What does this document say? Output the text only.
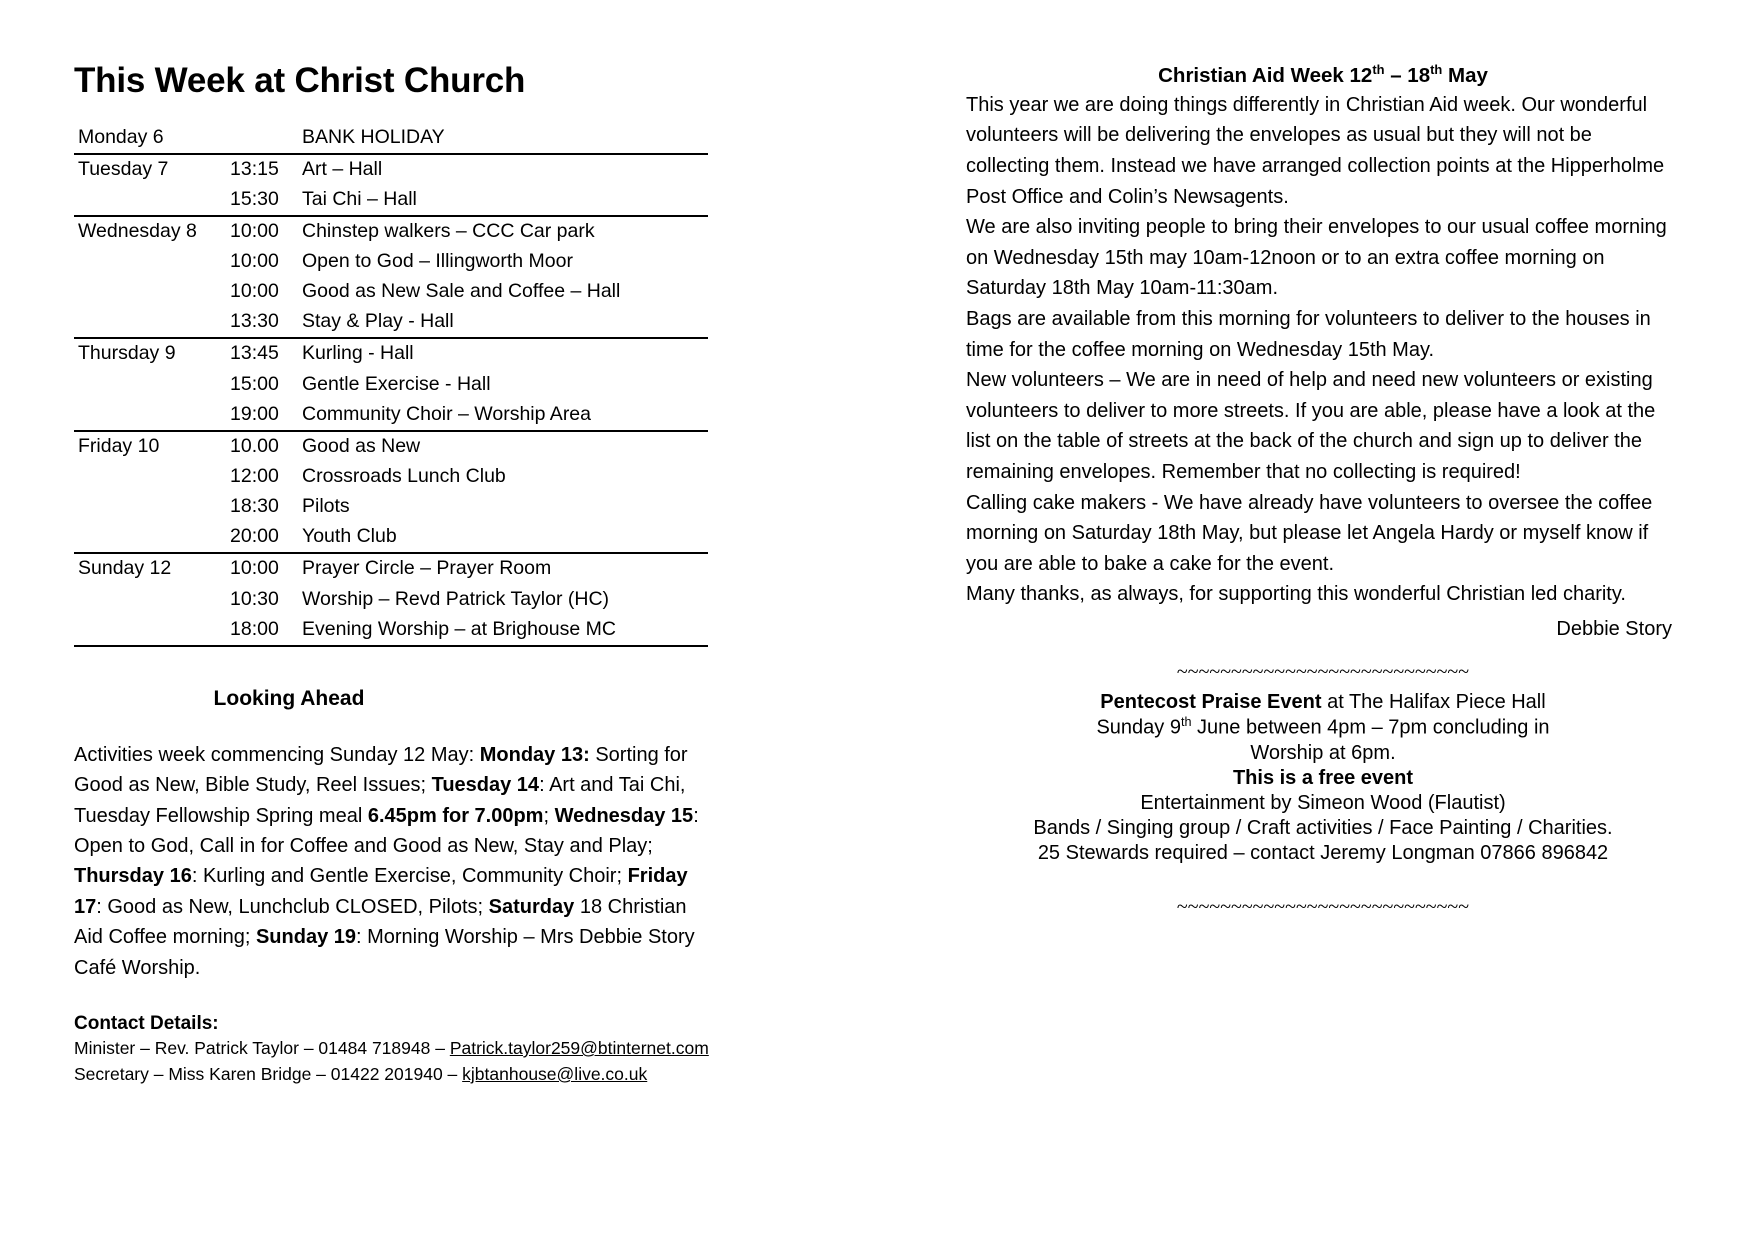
This Week at Christ Church
Monday 6		BANK HOLIDAY
Tuesday 7	13:15	Art – Hall
	15:30	Tai Chi – Hall
Wednesday 8	10:00	Chinstep walkers – CCC Car park
	10:00	Open to God – Illingworth Moor
	10:00	Good as New Sale and Coffee – Hall
	13:30	Stay & Play - Hall
Thursday 9	13:45	Kurling - Hall
	15:00	Gentle Exercise - Hall
	19:00	Community Choir – Worship Area
Friday 10	10.00	Good as New
	12:00	Crossroads Lunch Club
	18:30	Pilots
	20:00	Youth Club
Sunday 12	10:00	Prayer Circle – Prayer Room
	10:30	Worship – Revd Patrick Taylor (HC)
	18:00	Evening Worship – at Brighouse MC
Looking Ahead

Activities week commencing Sunday 12 May: Monday 13: Sorting for Good as New, Bible Study, Reel Issues; Tuesday 14: Art and Tai Chi, Tuesday Fellowship Spring meal 6.45pm for 7.00pm; Wednesday 15: Open to God, Call in for Coffee and Good as New, Stay and Play; Thursday 16: Kurling and Gentle Exercise, Community Choir; Friday 17: Good as New, Lunchclub CLOSED, Pilots; Saturday 18 Christian Aid Coffee morning; Sunday 19: Morning Worship – Mrs Debbie Story Café Worship.

Contact Details:
Minister – Rev. Patrick Taylor – 01484 718948 – Patrick.taylor259@btinternet.com
Secretary – Miss Karen Bridge – 01422 201940 – kjbtanhouse@live.co.uk
Christian Aid Week 12th – 18th May

This year we are doing things differently in Christian Aid week. Our wonderful volunteers will be delivering the envelopes as usual but they will not be collecting them. Instead we have arranged collection points at the Hipperholme Post Office and Colin’s Newsagents.

We are also inviting people to bring their envelopes to our usual coffee morning on Wednesday 15th may 10am-12noon or to an extra coffee morning on Saturday 18th May 10am-11:30am.

Bags are available from this morning for volunteers to deliver to the houses in time for the coffee morning on Wednesday 15th May.

New volunteers – We are in need of help and need new volunteers or existing volunteers to deliver to more streets. If you are able, please have a look at the list on the table of streets at the back of the church and sign up to deliver the remaining envelopes. Remember that no collecting is required!

Calling cake makers - We have already have volunteers to oversee the coffee morning on Saturday 18th May, but please let Angela Hardy or myself know if you are able to bake a cake for the event.

Many thanks, as always, for supporting this wonderful Christian led charity.

Debbie Story
~~~~~~~~~~~~~~~~~~~~~~~~~~~
Pentecost Praise Event at The Halifax Piece Hall
Sunday 9th June between 4pm – 7pm concluding in
Worship at 6pm.
This is a free event
Entertainment by Simeon Wood (Flautist)
Bands / Singing group / Craft activities / Face Painting / Charities.
25 Stewards required – contact Jeremy Longman 07866 896842
~~~~~~~~~~~~~~~~~~~~~~~~~~~
